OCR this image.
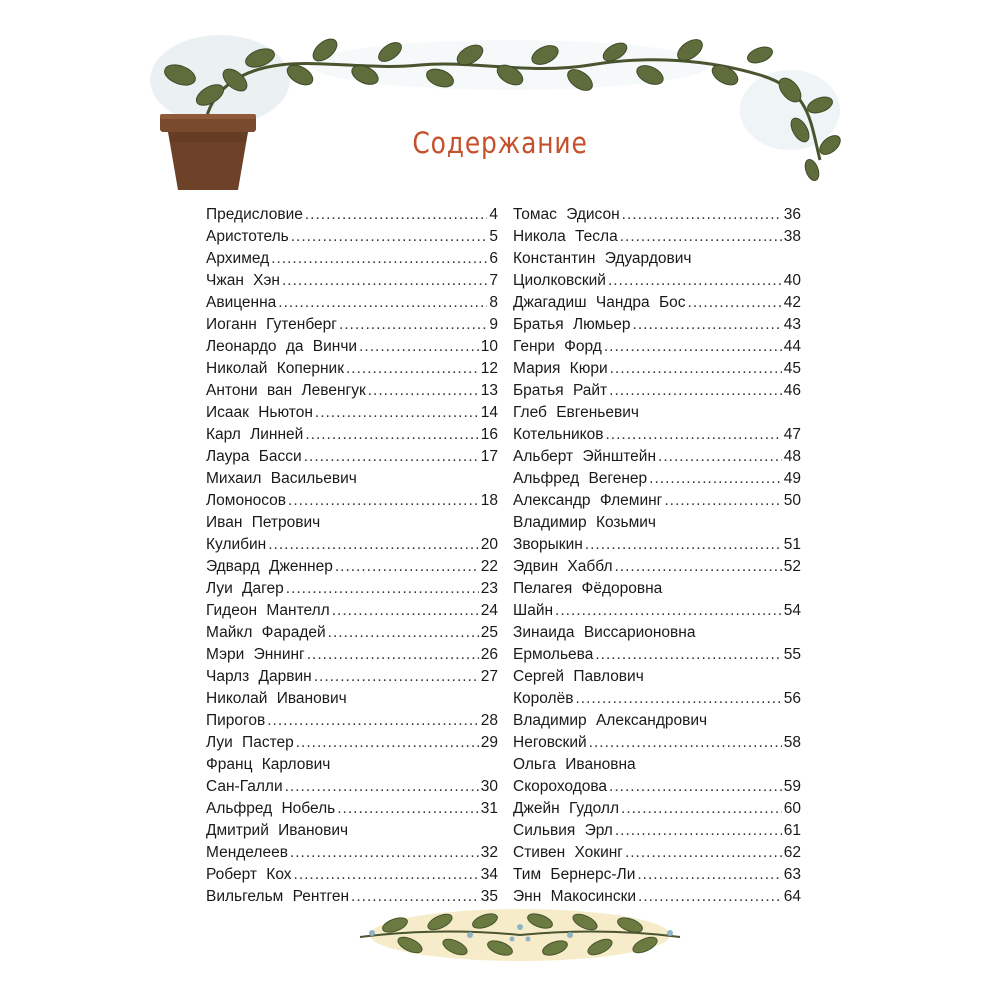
Содержание
Предисловие .....	4
Аристотель .....	5
Архимед .....	6
Чжан Хэн .....	7
Авиценна .....	8
Иоганн Гутенберг .....	9
Леонардо да Винчи .....	10
Николай Коперник .....	12
Антони ван Левенгук .....	13
Исаак Ньютон .....	14
Карл Линней .....	16
Лаура Басси .....	17
Михаил Васильевич
Ломоносов .....	18
Иван Петрович
Кулибин .....	20
Эдвард Дженнер .....	22
Луи Дагер .....	23
Гидеон Мантелл .....	24
Майкл Фарадей .....	25
Мэри Эннинг .....	26
Чарлз Дарвин .....	27
Николай Иванович
Пирогов .....	28
Луи Пастер .....	29
Франц Карлович
Сан-Галли .....	30
Альфред Нобель .....	31
Дмитрий Иванович
Менделеев .....	32
Роберт Кох .....	34
Вильгельм Рентген .....	35
Томас Эдисон .....	36
Никола Тесла .....	38
Константин Эдуардович
Циолковский .....	40
Джагадиш Чандра Бос .....	42
Братья Люмьер .....	43
Генри Форд .....	44
Мария Кюри .....	45
Братья Райт .....	46
Глеб Евгеньевич
Котельников .....	47
Альберт Эйнштейн .....	48
Альфред Вегенер .....	49
Александр Флеминг .....	50
Владимир Козьмич
Зворыкин .....	51
Эдвин Хаббл .....	52
Пелагея Фёдоровна
Шайн .....	54
Зинаида Виссарионовна
Ермольева .....	55
Сергей Павлович
Королёв .....	56
Владимир Александрович
Неговский .....	58
Ольга Ивановна
Скороходова .....	59
Джейн Гудолл .....	60
Сильвия Эрл .....	61
Стивен Хокинг .....	62
Тим Бернерс-Ли .....	63
Энн Макосински .....	64
